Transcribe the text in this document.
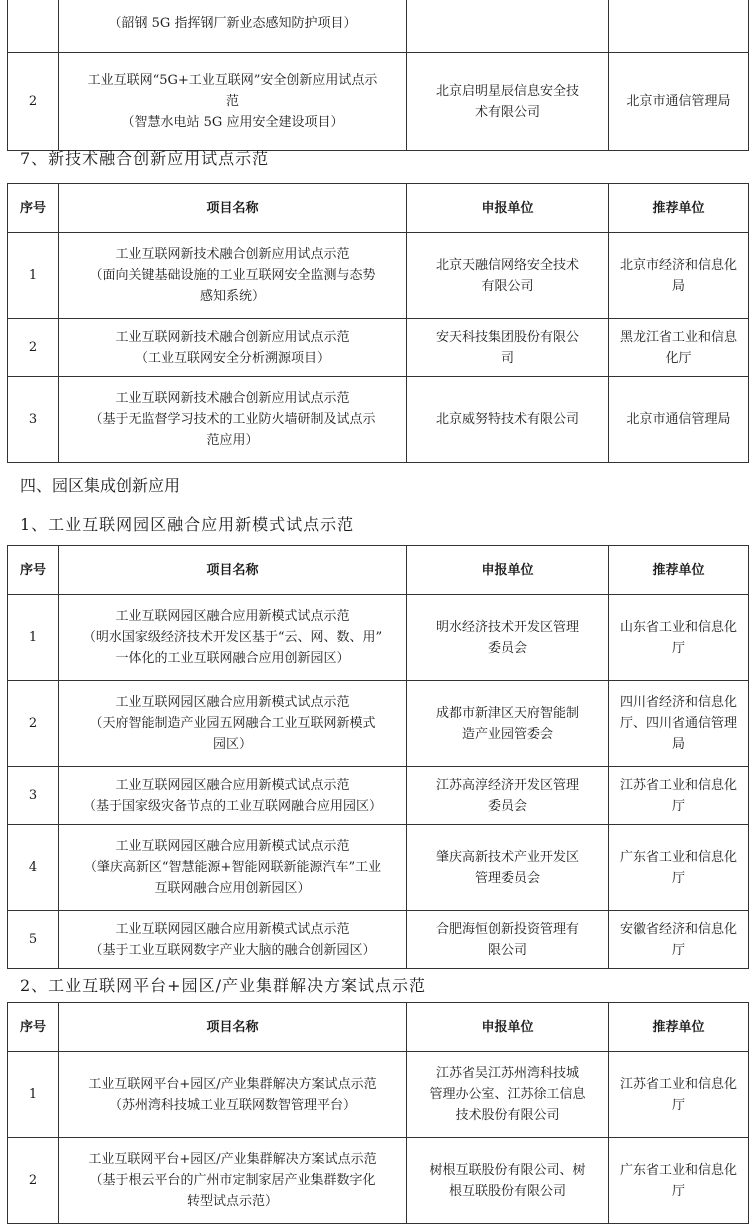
	（韶钢 5G 指挥钢厂新业态感知防护项目）		

2	工业互联网“5G+工业互联网”安全创新应用试点示
范
（智慧水电站 5G 应用安全建设项目）	北京启明星辰信息安全技
术有限公司	北京市通信管理局
7、新技术融合创新应用试点示范
序号	项目名称	申报单位	推荐单位
1	工业互联网新技术融合创新应用试点示范
（面向关键基础设施的工业互联网安全监测与态势
感知系统）	北京天融信网络安全技术
有限公司	北京市经济和信息化
局

2	工业互联网新技术融合创新应用试点示范
（工业互联网安全分析溯源项目）	安天科技集团股份有限公
司	黑龙江省工业和信息
化厅

3	工业互联网新技术融合创新应用试点示范
（基于无监督学习技术的工业防火墙研制及试点示
范应用）	北京威努特技术有限公司	北京市通信管理局
四、园区集成创新应用
1、工业互联网园区融合应用新模式试点示范
序号	项目名称	申报单位	推荐单位
1	工业互联网园区融合应用新模式试点示范
（明水国家级经济技术开发区基于“云、网、数、用”
一体化的工业互联网融合应用创新园区）	明水经济技术开发区管理
委员会	山东省工业和信息化
厅

2	工业互联网园区融合应用新模式试点示范
（天府智能制造产业园五网融合工业互联网新模式
园区）	成都市新津区天府智能制
造产业园管委会	四川省经济和信息化
厅、四川省通信管理
局

3	工业互联网园区融合应用新模式试点示范
（基于国家级灾备节点的工业互联网融合应用园区）	江苏高淳经济开发区管理
委员会	江苏省工业和信息化
厅

4	工业互联网园区融合应用新模式试点示范
（肇庆高新区“智慧能源+智能网联新能源汽车”工业
互联网融合应用创新园区）	肇庆高新技术产业开发区
管理委员会	广东省工业和信息化
厅

5	工业互联网园区融合应用新模式试点示范
（基于工业互联网数字产业大脑的融合创新园区）	合肥海恒创新投资管理有
限公司	安徽省经济和信息化
厅
2、工业互联网平台+园区/产业集群解决方案试点示范
序号	项目名称	申报单位	推荐单位
1	工业互联网平台+园区/产业集群解决方案试点示范
（苏州湾科技城工业互联网数智管理平台）	江苏省吴江苏州湾科技城
管理办公室、江苏徐工信息
技术股份有限公司	江苏省工业和信息化
厅

2	工业互联网平台+园区/产业集群解决方案试点示范
（基于根云平台的广州市定制家居产业集群数字化
转型试点示范）	树根互联股份有限公司、树
根互联股份有限公司	广东省工业和信息化
厅
